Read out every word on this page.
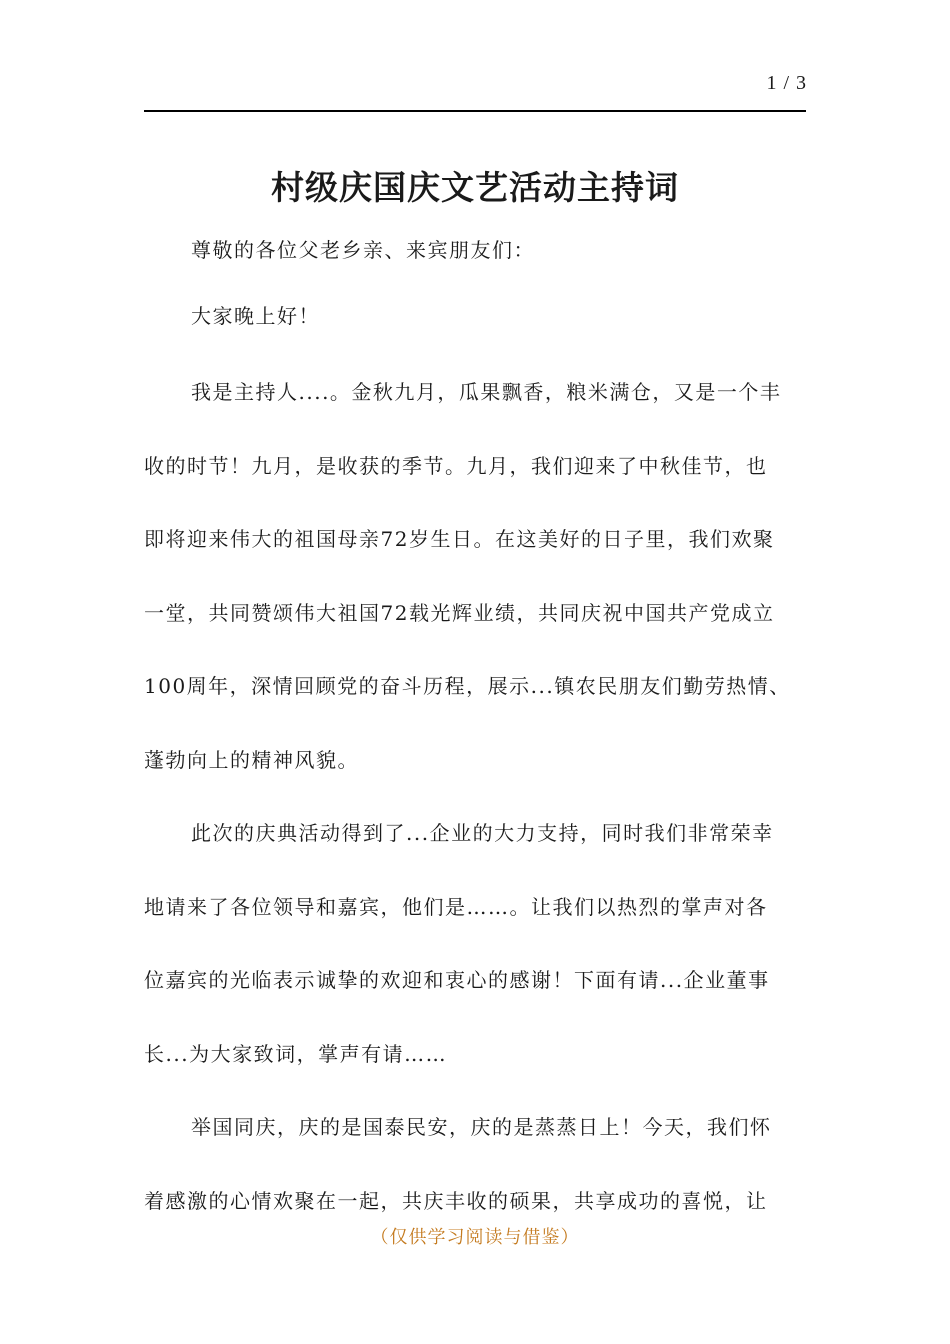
1 / 3
村级庆国庆文艺活动主持词

尊敬的各位父老乡亲、来宾朋友们：

大家晚上好！

我是主持人....。金秋九月，瓜果飘香，粮米满仓，又是一个丰
收的时节！九月，是收获的季节。九月，我们迎来了中秋佳节，也
即将迎来伟大的祖国母亲72岁生日。在这美好的日子里，我们欢聚
一堂，共同赞颂伟大祖国72载光辉业绩，共同庆祝中国共产党成立
100周年，深情回顾党的奋斗历程，展示...镇农民朋友们勤劳热情、
蓬勃向上的精神风貌。
此次的庆典活动得到了...企业的大力支持，同时我们非常荣幸
地请来了各位领导和嘉宾，他们是……。让我们以热烈的掌声对各
位嘉宾的光临表示诚挚的欢迎和衷心的感谢！下面有请...企业董事
长...为大家致词，掌声有请……
举国同庆，庆的是国泰民安，庆的是蒸蒸日上！今天，我们怀
着感激的心情欢聚在一起，共庆丰收的硕果，共享成功的喜悦，让
（仅供学习阅读与借鉴）
